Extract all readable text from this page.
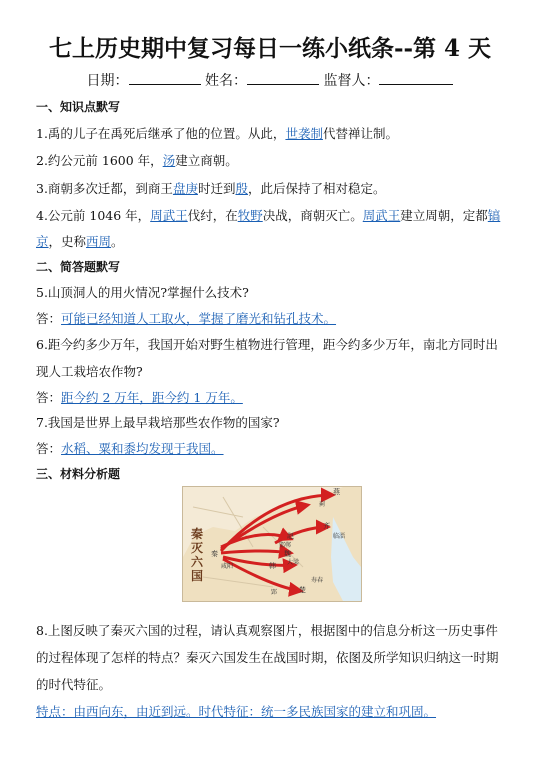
七上历史期中复习每日一练小纸条--第 4 天
日期：	姓名：	监督人：
一、知识点默写
1.禹的儿子在禹死后继承了他的位置。从此，世袭制代替禅让制。
2.约公元前 1600 年，汤建立商朝。
3.商朝多次迁都，到商王盘庚时迁到殷，此后保持了相对稳定。
4.公元前 1046 年，周武王伐纣，在牧野决战，商朝灭亡。周武王建立周朝，定都镐
京，史称西周。
二、简答题默写
5.山顶洞人的用火情况?掌握什么技术?
答：可能已经知道人工取火，掌握了磨光和钻孔技术。
6.距今约多少万年，我国开始对野生植物进行管理，距今约多少万年，南北方同时出
现人工栽培农作物?
答：距今约 2 万年，距今约 1 万年。
7.我国是世界上最早栽培那些农作物的国家?
答：水稻、粟和黍均发现于我国。
三、材料分析题
秦灭六国
燕
赵
魏
韩
齐
楚
秦
邯郸
大梁
咸阳
临淄
寿春
郢
蓟
8.上图反映了秦灭六国的过程，请认真观察图片，根据图中的信息分析这一历史事件
的过程体现了怎样的特点？秦灭六国发生在战国时期，依图及所学知识归纳这一时期
的时代特征。
特点：由西向东，由近到远。时代特征：统一多民族国家的建立和巩固。
